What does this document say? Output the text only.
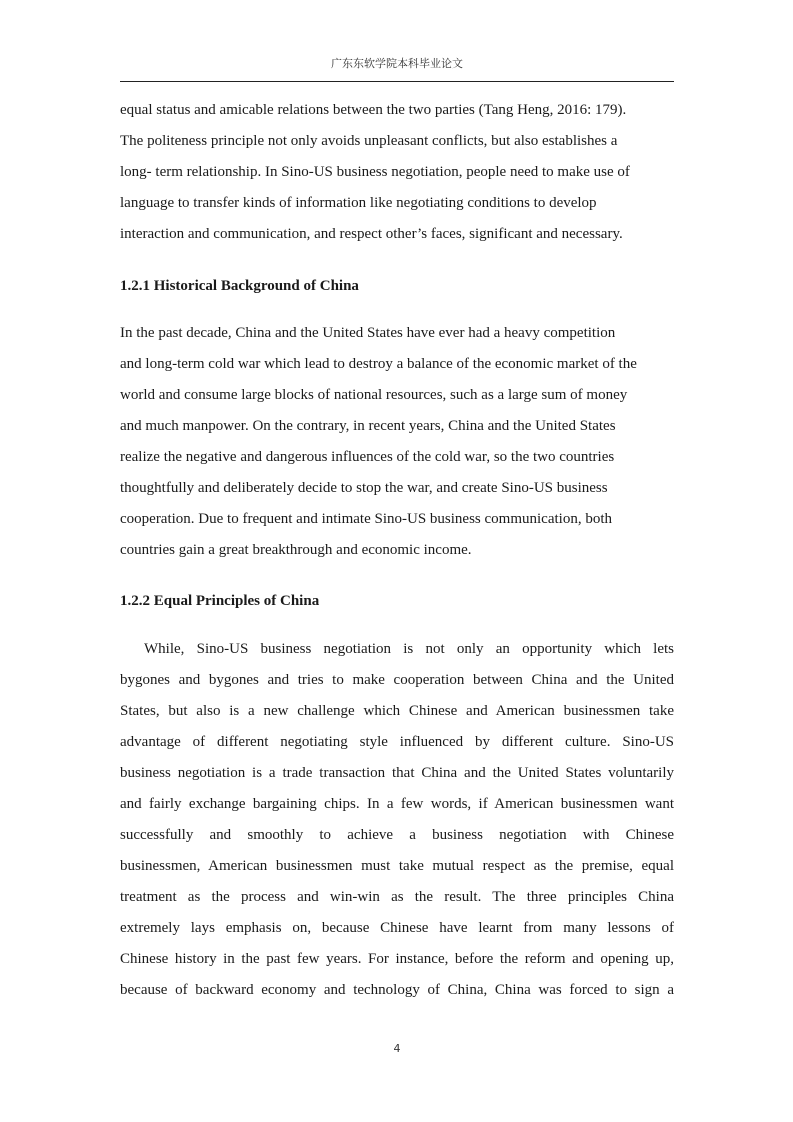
广东东软学院本科毕业论文
equal status and amicable relations between the two parties (Tang Heng, 2016: 179).
The politeness principle not only avoids unpleasant conflicts, but also establishes a
long- term relationship. In Sino-US business negotiation, people need to make use of
language to transfer kinds of information like negotiating conditions to develop
interaction and communication, and respect other’s faces, significant and necessary.
1.2.1 Historical Background of China
In the past decade, China and the United States have ever had a heavy competition
and long-term cold war which lead to destroy a balance of the economic market of the
world and consume large blocks of national resources, such as a large sum of money
and much manpower. On the contrary, in recent years, China and the United States
realize the negative and dangerous influences of the cold war, so the two countries
thoughtfully and deliberately decide to stop the war, and create Sino-US business
cooperation. Due to frequent and intimate Sino-US business communication, both
countries gain a great breakthrough and economic income.
1.2.2 Equal Principles of China
While, Sino-US business negotiation is not only an opportunity which lets
bygones and bygones and tries to make cooperation between China and the United
States, but also is a new challenge which Chinese and American businessmen take
advantage of different negotiating style influenced by different culture. Sino-US
business negotiation is a trade transaction that China and the United States voluntarily
and fairly exchange bargaining chips. In a few words, if American businessmen want
successfully and smoothly to achieve a business negotiation with Chinese
businessmen, American businessmen must take mutual respect as the premise, equal
treatment as the process and win-win as the result. The three principles China
extremely lays emphasis on, because Chinese have learnt from many lessons of
Chinese history in the past few years. For instance, before the reform and opening up,
because of backward economy and technology of China, China was forced to sign a
4
